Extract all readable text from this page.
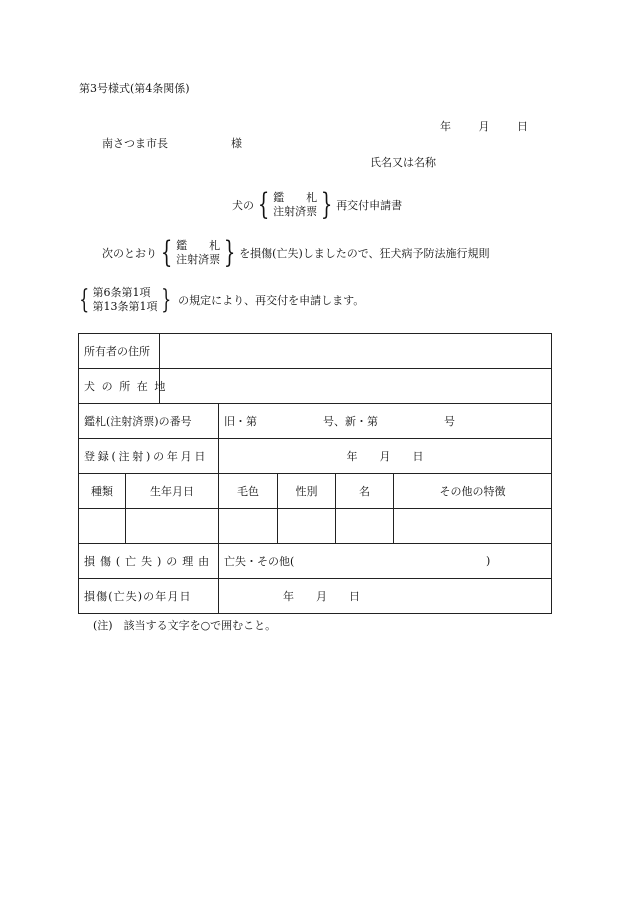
第3号様式(第4条関係)
年	月	日
南さつま市長	様
氏名又は名称
犬の { 鑑　　札
注射済票 } 再交付申請書
次のとおり { 鑑　　札
注射済票 } を損傷(亡失)しましたので、狂犬病予防法施行規則
{ 第6条第1項
第13条第1項 } の規定により、再交付を申請します。
所有者の住所						
犬の所在地						
鑑札(注射済票)の番号			旧・第　　　　　　号、新・第　　　　　　号			
登録(注射)の年月日			年　　月　　日			
種類	生年月日		毛色	性別	名	その他の特徴

損傷(亡失)の理由			亡失・その他( )			

損傷(亡失)の年月日			年　　月　　日			
(注)　該当する文字を○で囲むこと。
